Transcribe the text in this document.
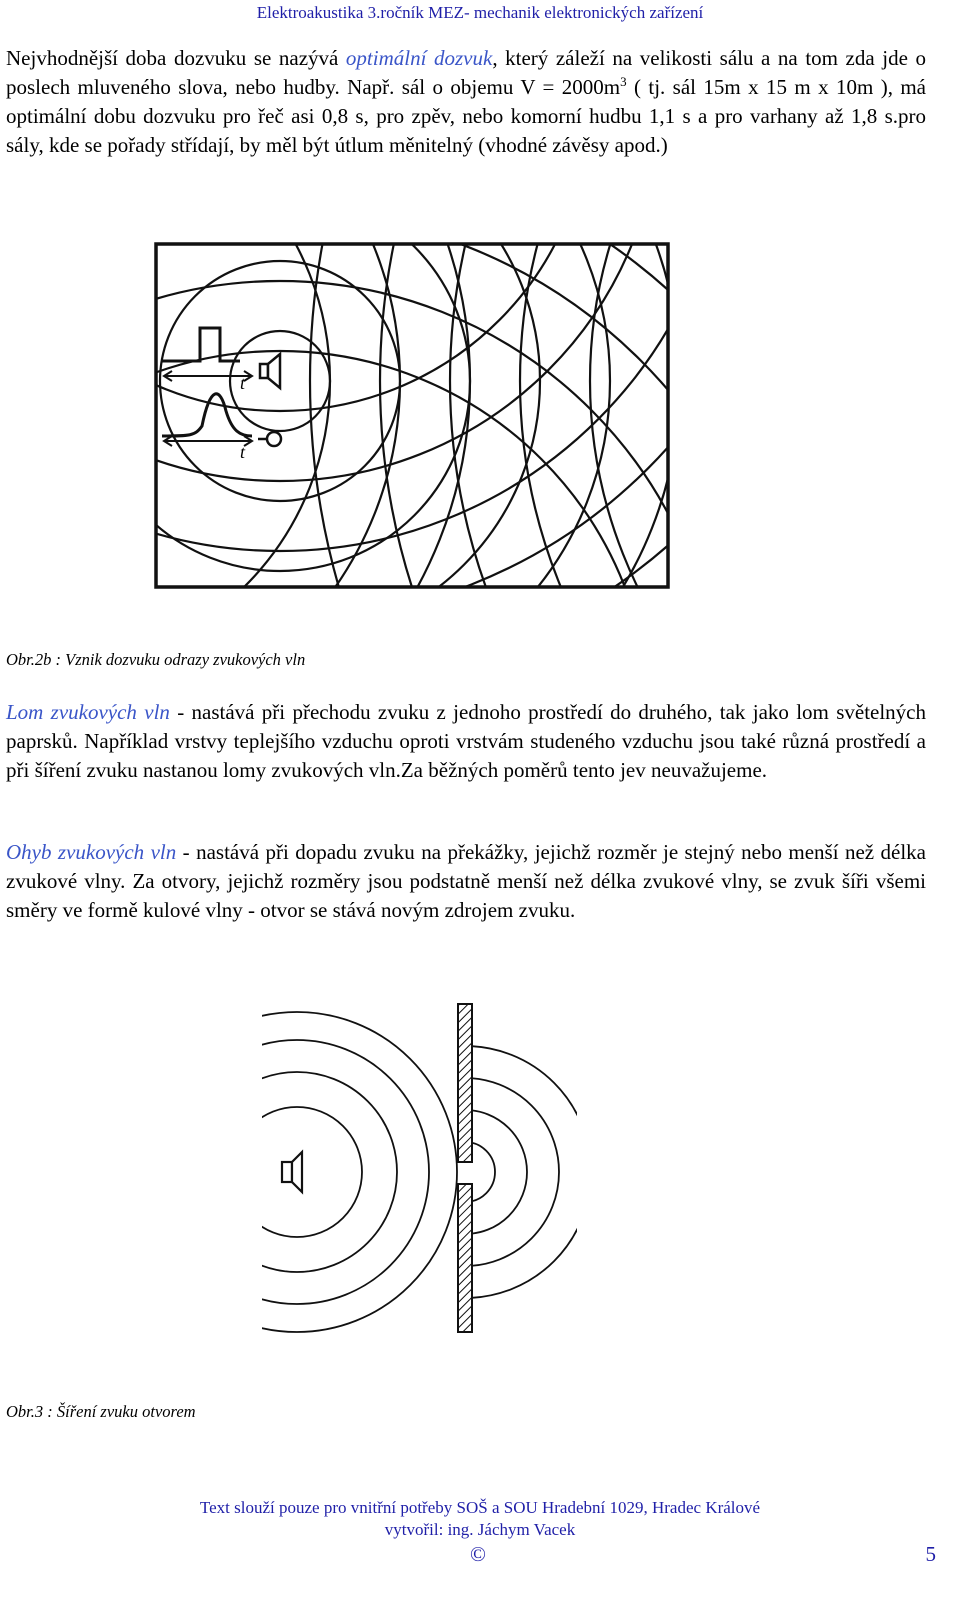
Elektroakustika 3.ročník MEZ- mechanik elektronických zařízení
Nejvhodnější doba dozvuku se nazývá optimální dozvuk, který záleží na velikosti sálu a na tom zda jde o poslech mluveného slova, nebo hudby. Např. sál o objemu $V = 2000m^3$ ( tj. sál 15m x 15 m x 10m ), má optimální dobu dozvuku pro řeč asi 0,8 s, pro zpěv, nebo komorní hudbu 1,1 s a pro varhany až 1,8 s.pro sály, kde se pořady střídají, by měl být útlum měnitelný (vhodné závěsy apod.)
t
t
Obr.2b : Vznik dozvuku odrazy zvukových vln
Lom zvukových vln - nastává při přechodu zvuku z jednoho prostředí do druhého, tak jako lom světelných paprsků. Například vrstvy teplejšího vzduchu oproti vrstvám studeného vzduchu jsou také různá prostředí a při šíření zvuku nastanou lomy zvukových vln.Za běžných poměrů tento jev neuvažujeme.
Ohyb zvukových vln - nastává při dopadu zvuku na překážky, jejichž rozměr je stejný nebo menší než délka zvukové vlny. Za otvory, jejichž rozměry jsou podstatně menší než délka zvukové vlny, se zvuk šíři všemi směry ve formě kulové vlny - otvor se stává novým zdrojem zvuku.
Obr.3 : Šíření zvuku otvorem
Text slouží pouze pro vnitřní potřeby SOŠ a SOU Hradební 1029, Hradec Králové
vytvořil: ing. Jáchym Vacek
©	5
